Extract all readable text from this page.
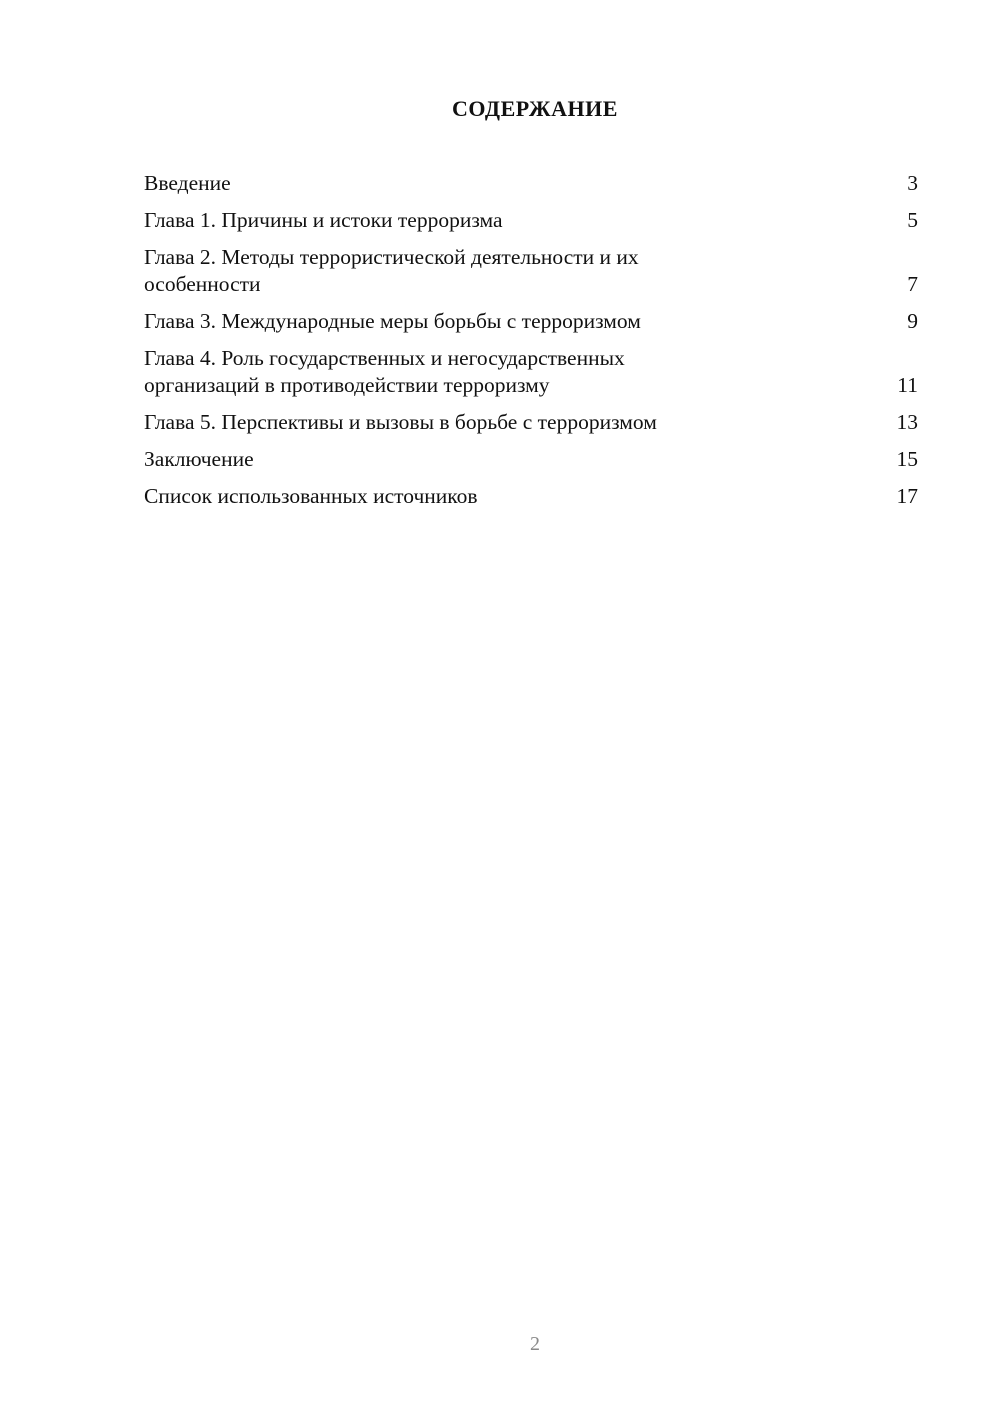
СОДЕРЖАНИЕ
Введение	3
Глава 1. Причины и истоки терроризма	5
Глава 2. Методы террористической деятельности и их
особенности	7
Глава 3. Международные меры борьбы с терроризмом	9
Глава 4. Роль государственных и негосударственных
организаций в противодействии терроризму	11
Глава 5. Перспективы и вызовы в борьбе с терроризмом	13
Заключение	15
Список использованных источников	17
2
